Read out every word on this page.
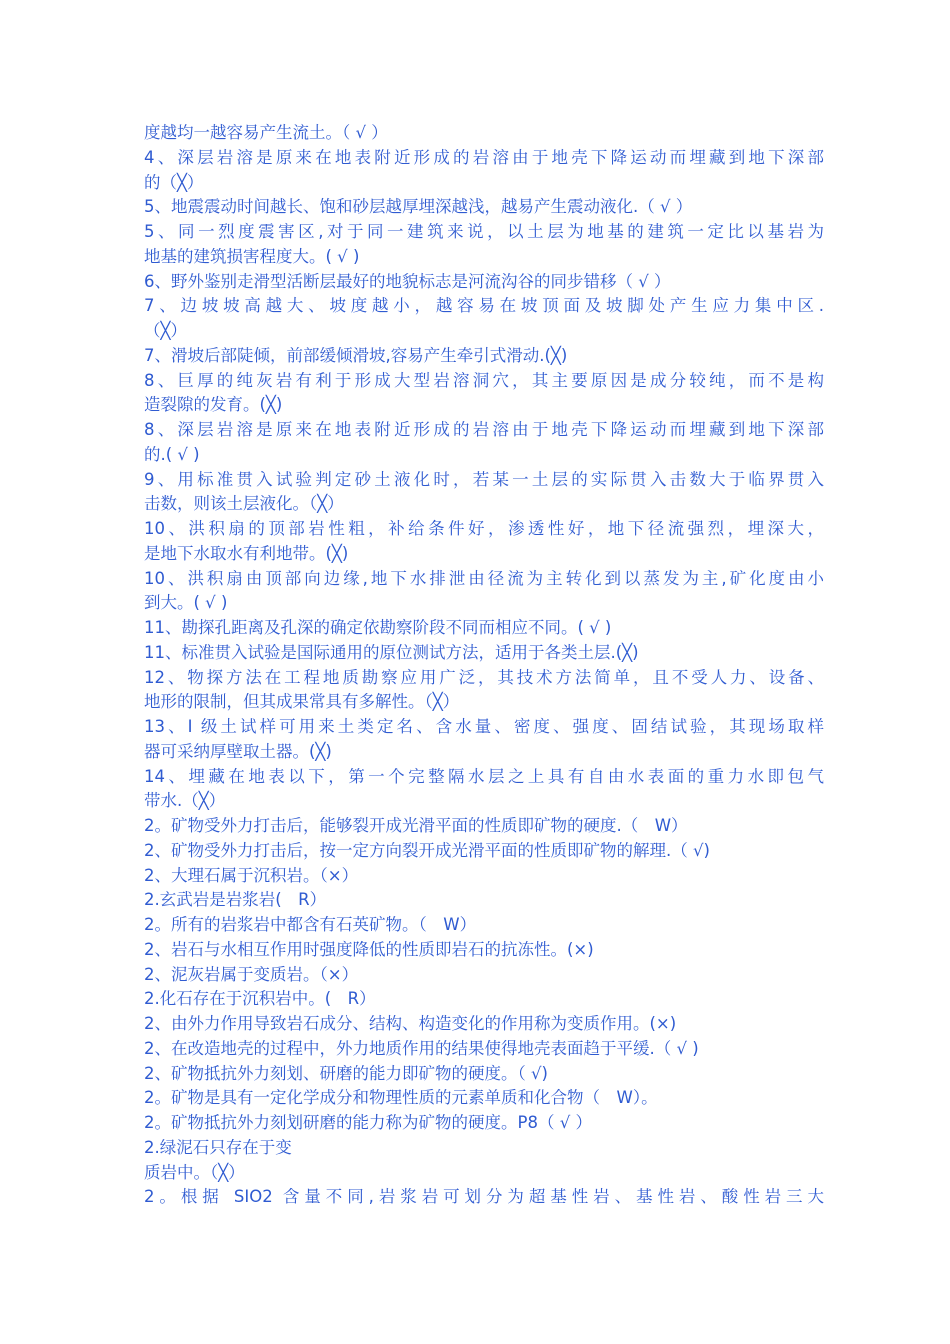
度越均一越容易产生流土。（ √ ）
4、深层岩溶是原来在地表附近形成的岩溶由于地壳下降运动而埋藏到地下深部
的（╳）
5、地震震动时间越长、饱和砂层越厚埋深越浅，越易产生震动液化.（ √ ）
5、同一烈度震害区,对于同一建筑来说，以土层为地基的建筑一定比以基岩为
地基的建筑损害程度大。( √ )
6、野外鉴别走滑型活断层最好的地貌标志是河流沟谷的同步错移（ √ ）
7、边坡坡高越大、坡度越小，越容易在坡顶面及坡脚处产生应力集中区.
（╳）
7、滑坡后部陡倾，前部缓倾滑坡,容易产生牵引式滑动.(╳)
8、巨厚的纯灰岩有利于形成大型岩溶洞穴，其主要原因是成分较纯，而不是构
造裂隙的发育。(╳)
8、深层岩溶是原来在地表附近形成的岩溶由于地壳下降运动而埋藏到地下深部
的.( √ )
9、用标准贯入试验判定砂土液化时，若某一土层的实际贯入击数大于临界贯入
击数，则该土层液化。（╳）
10、洪积扇的顶部岩性粗，补给条件好，渗透性好，地下径流强烈，埋深大，
是地下水取水有利地带。(╳)
10、洪积扇由顶部向边缘,地下水排泄由径流为主转化到以蒸发为主,矿化度由小
到大。( √ )
11、勘探孔距离及孔深的确定依勘察阶段不同而相应不同。( √ )
11、标准贯入试验是国际通用的原位测试方法，适用于各类土层.(╳)
12、物探方法在工程地质勘察应用广泛，其技术方法简单，且不受人力、设备、
地形的限制，但其成果常具有多解性。（╳）
13、I 级土试样可用来土类定名、含水量、密度、强度、固结试验，其现场取样
器可采纳厚壁取土器。(╳)
14、埋藏在地表以下，第一个完整隔水层之上具有自由水表面的重力水即包气
带水.（╳）
2。矿物受外力打击后，能够裂开成光滑平面的性质即矿物的硬度.（　W）
2、矿物受外力打击后，按一定方向裂开成光滑平面的性质即矿物的解理.（ √)
2、大理石属于沉积岩。（×）
2.玄武岩是岩浆岩(　R）
2。所有的岩浆岩中都含有石英矿物。（　W）
2、岩石与水相互作用时强度降低的性质即岩石的抗冻性。(×)
2、泥灰岩属于变质岩。（×）
2.化石存在于沉积岩中。(　R）
2、由外力作用导致岩石成分、结构、构造变化的作用称为变质作用。(×)
2、在改造地壳的过程中，外力地质作用的结果使得地壳表面趋于平缓.（ √ )
2、矿物抵抗外力刻划、研磨的能力即矿物的硬度。（ √)
2。矿物是具有一定化学成分和物理性质的元素单质和化合物（　W）。
2。矿物抵抗外力刻划研磨的能力称为矿物的硬度。P8（ √ ）
2.绿泥石只存在于变
质岩中。（╳）
2。根据 SIO2 含量不同,岩浆岩可划分为超基性岩、基性岩、酸性岩三大
